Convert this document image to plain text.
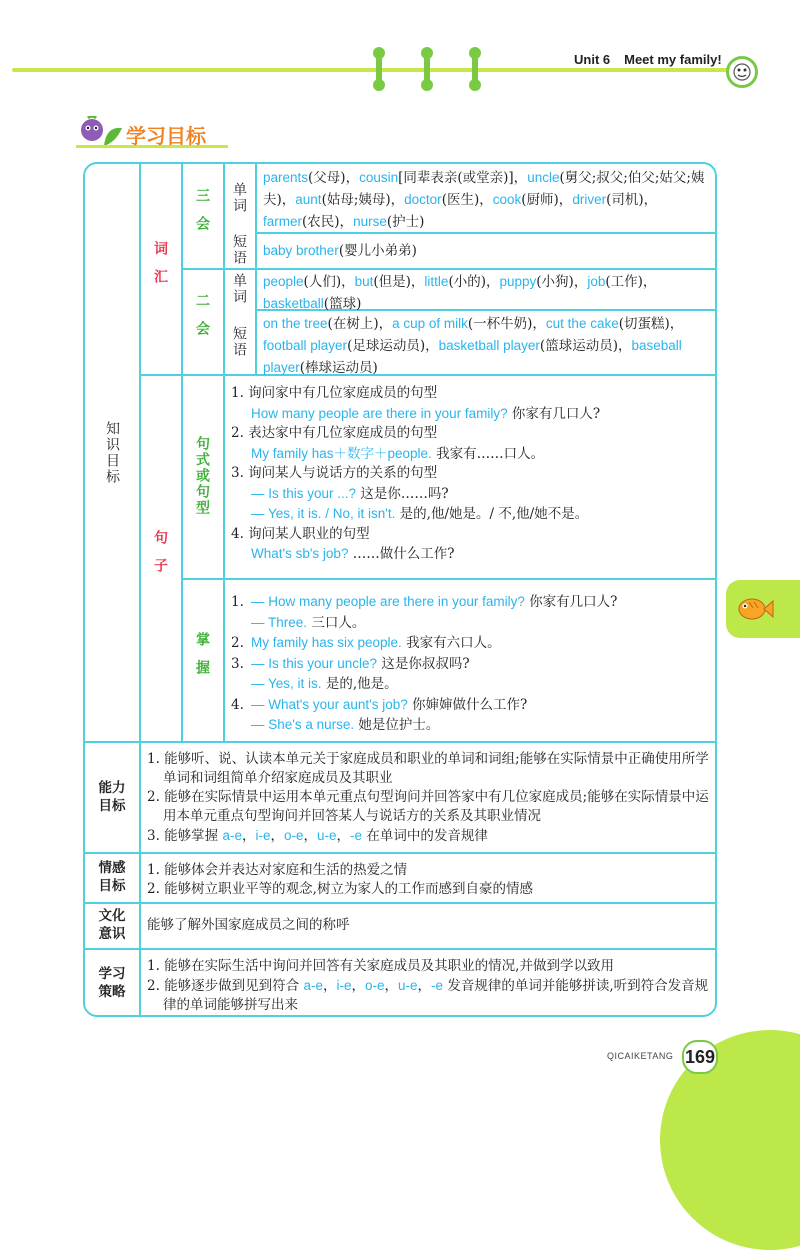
Unit 6 Meet my family!
学习目标
知识目标
词汇
三会
二会
单词
短语
单词
短语
parents(父母)，cousin[同辈表亲(或堂亲)]，uncle(舅父;叔父;伯父;姑父;姨夫)，aunt(姑母;姨母)，doctor(医生)，cook(厨师)，driver(司机)，farmer(农民)，nurse(护士)
baby brother(婴儿小弟弟)
people(人们)，but(但是)，little(小的)，puppy(小狗)，job(工作)，basketball(篮球)
on the tree(在树上)，a cup of milk(一杯牛奶)，cut the cake(切蛋糕)，football player(足球运动员)，basketball player(篮球运动员)，baseball player(棒球运动员)
句子
句式或句型
掌握
1. 询问家中有几位家庭成员的句型
How many people are there in your family? 你家有几口人?
2. 表达家中有几位家庭成员的句型
My family has＋数字＋people. 我家有……口人。
3. 询问某人与说话方的关系的句型
— Is this your ...? 这是你……吗?
— Yes, it is. / No, it isn't. 是的,他/她是。/ 不,他/她不是。
4. 询问某人职业的句型
What's sb's job? ……做什么工作?
1. — How many people are there in your family? 你家有几口人?
— Three. 三口人。
2. My family has six people. 我家有六口人。
3. — Is this your uncle? 这是你叔叔吗?
— Yes, it is. 是的,他是。
4. — What's your aunt's job? 你婶婶做什么工作?
— She's a nurse. 她是位护士。
能力
目标
1. 能够听、说、认读本单元关于家庭成员和职业的单词和词组;能够在实际情景中正确使用所学单词和词组简单介绍家庭成员及其职业
2. 能够在实际情景中运用本单元重点句型询问并回答家中有几位家庭成员;能够在实际情景中运用本单元重点句型询问并回答某人与说话方的关系及其职业情况
3. 能够掌握 a-e，i-e，o-e，u-e，-e 在单词中的发音规律
情感
目标
1. 能够体会并表达对家庭和生活的热爱之情
2. 能够树立职业平等的观念,树立为家人的工作而感到自豪的情感
文化
意识
能够了解外国家庭成员之间的称呼
学习
策略
1. 能够在实际生活中询问并回答有关家庭成员及其职业的情况,并做到学以致用
2. 能够逐步做到见到符合 a-e，i-e，o-e，u-e，-e 发音规律的单词并能够拼读,听到符合发音规律的单词能够拼写出来
QICAIKETANG 169
